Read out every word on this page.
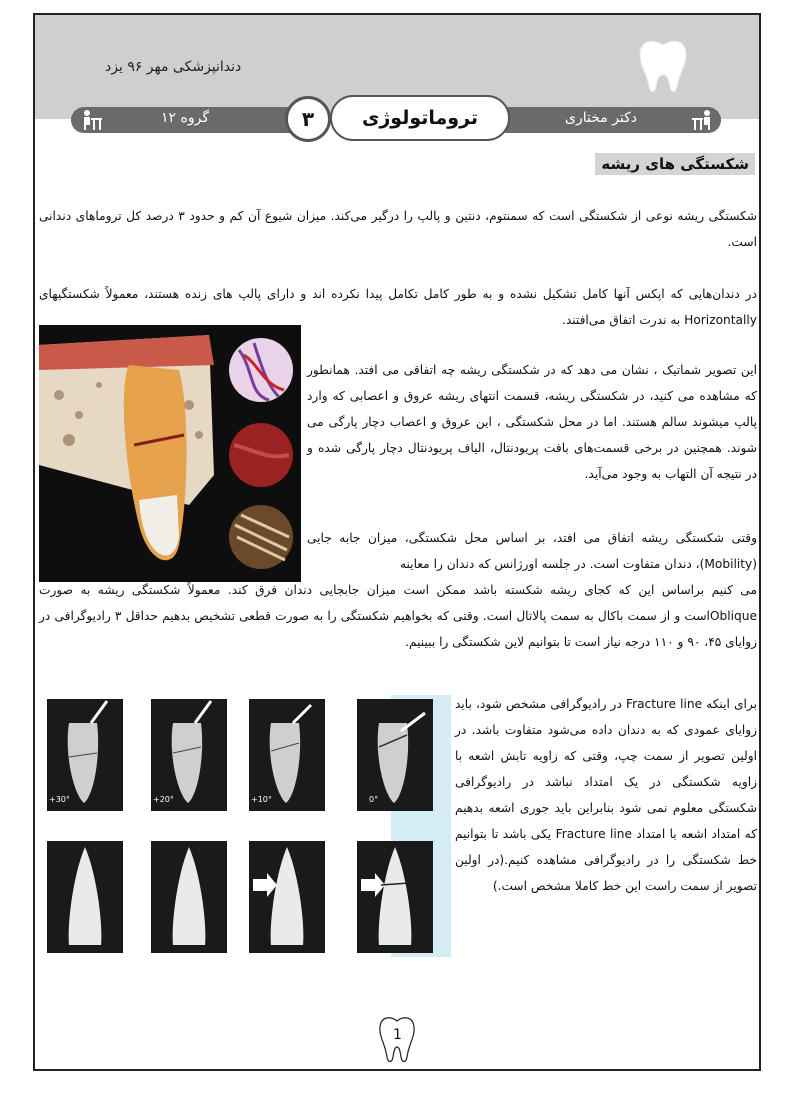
دندانپزشکی مهر ۹۶ یزد
گروه ۱۲	دکتر مختاری
۳	تروماتولوژی
شکستگی های ریشه
شکستگی ریشه نوعی از شکستگی است که سمنتوم، دنتین و پالپ را درگیر می‌کند. میزان شیوع آن کم و حدود ۳ درصد کل تروماهای دندانی است.
در دندان‌هایی که اپکس آنها کامل تشکیل نشده و به طور کامل تکامل پیدا نکرده اند و دارای پالپ های زنده هستند، معمولاً شکستگیهای Horizontally به ندرت اتفاق می‌افتند.
این تصویر شماتیک ، نشان می دهد که در شکستگی ریشه چه اتفاقی می افتد. همانطور که مشاهده می کنید، در شکستگی ریشه، قسمت انتهای ریشه عروق و اعصابی که وارد پالپ میشوند سالم هستند. اما در محل شکستگی ، این عروق و اعصاب دچار پارگی می شوند. همچنین در برخی قسمت‌های بافت پریودنتال، الیاف پریودنتال دچار پارگی شده و در نتیجه آن التهاب به وجود می‌آید.
وقتی شکستگی ریشه اتفاق می افتد، بر اساس محل شکستگی، میزان جابه جایی (Mobility)، دندان متفاوت است. در جلسه اورژانس که دندان را معاینه
می کنیم براساس این که کجای ریشه شکسته باشد ممکن است میزان جابجایی دندان فرق کند. معمولاً شکستگی ریشه به صورت Obliqueاست و از سمت باکال به سمت پالاتال است. وقتی که بخواهیم شکستگی را به صورت قطعی تشخیص بدهیم حداقل ۳ رادیوگرافی در زوایای ۴۵، ۹۰ و ۱۱۰ درجه نیاز است تا بتوانیم لاین شکستگی را ببینیم.
+30°	+20°	+10°	0°
برای اینکه Fracture line در رادیوگرافی مشخص شود، باید زوایای عمودی که به دندان داده می‌شود متفاوت باشد. در اولین تصویر از سمت چپ، وقتی که زاویه تابش اشعه با زاویه شکستگی در یک امتداد نباشد در رادیوگرافی شکستگی معلوم نمی شود بنابراین باید جوری اشعه بدهیم که امتداد اشعه با امتداد Fracture line یکی باشد تا بتوانیم خط شکستگی را در رادیوگرافی مشاهده کنیم.(در اولین تصویر از سمت راست این خط کاملا مشخص است.)
1
